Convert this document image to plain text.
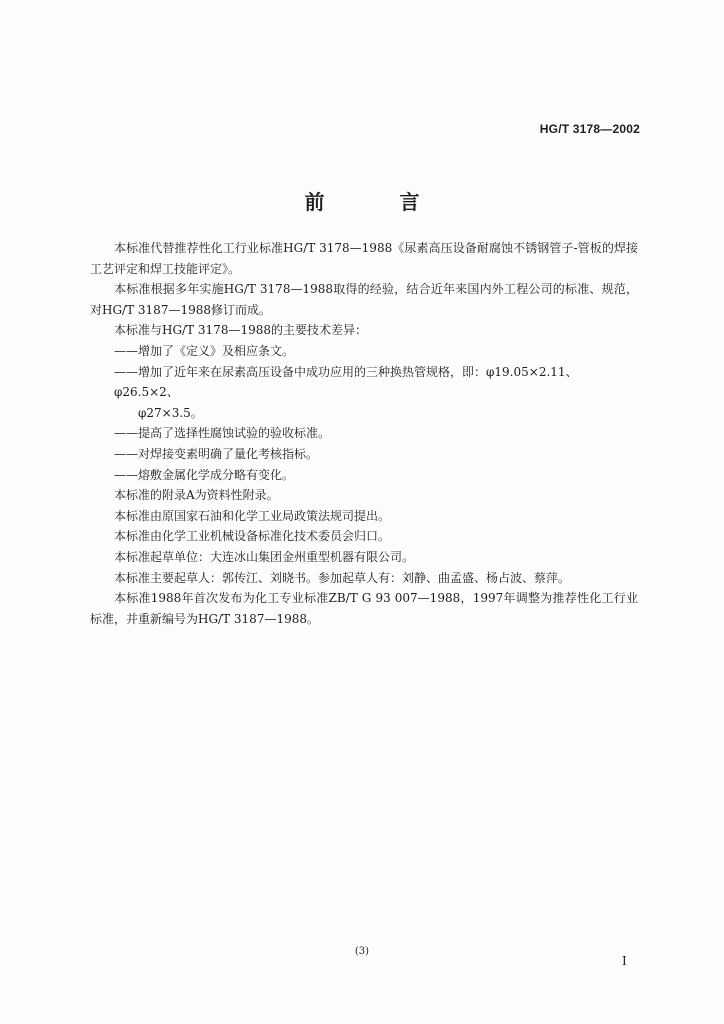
HG/T 3178—2002
前 言

本标准代替推荐性化工行业标准HG/T 3178—1988《尿素高压设备耐腐蚀不锈钢管子-管板的焊接工艺评定和焊工技能评定》。

本标准根据多年实施HG/T 3178—1988取得的经验，结合近年来国内外工程公司的标准、规范，对HG/T 3187—1988修订而成。

本标准与HG/T 3178—1988的主要技术差异：

——增加了《定义》及相应条文。

——增加了近年来在尿素高压设备中成功应用的三种换热管规格，即：φ19.05×2.11、φ26.5×2、

φ27×3.5。

——提高了选择性腐蚀试验的验收标准。

——对焊接变素明确了量化考核指标。

——熔敷金属化学成分略有变化。

本标准的附录A为资料性附录。

本标准由原国家石油和化学工业局政策法规司提出。

本标准由化学工业机械设备标准化技术委员会归口。

本标准起草单位：大连冰山集团金州重型机器有限公司。

本标准主要起草人：郭传江、刘晓书。参加起草人有：刘静、曲孟盛、杨占波、蔡萍。

本标准1988年首次发布为化工专业标准ZB/T G 93 007—1988，1997年调整为推荐性化工行业标准，并重新编号为HG/T 3187—1988。

(3)
I
